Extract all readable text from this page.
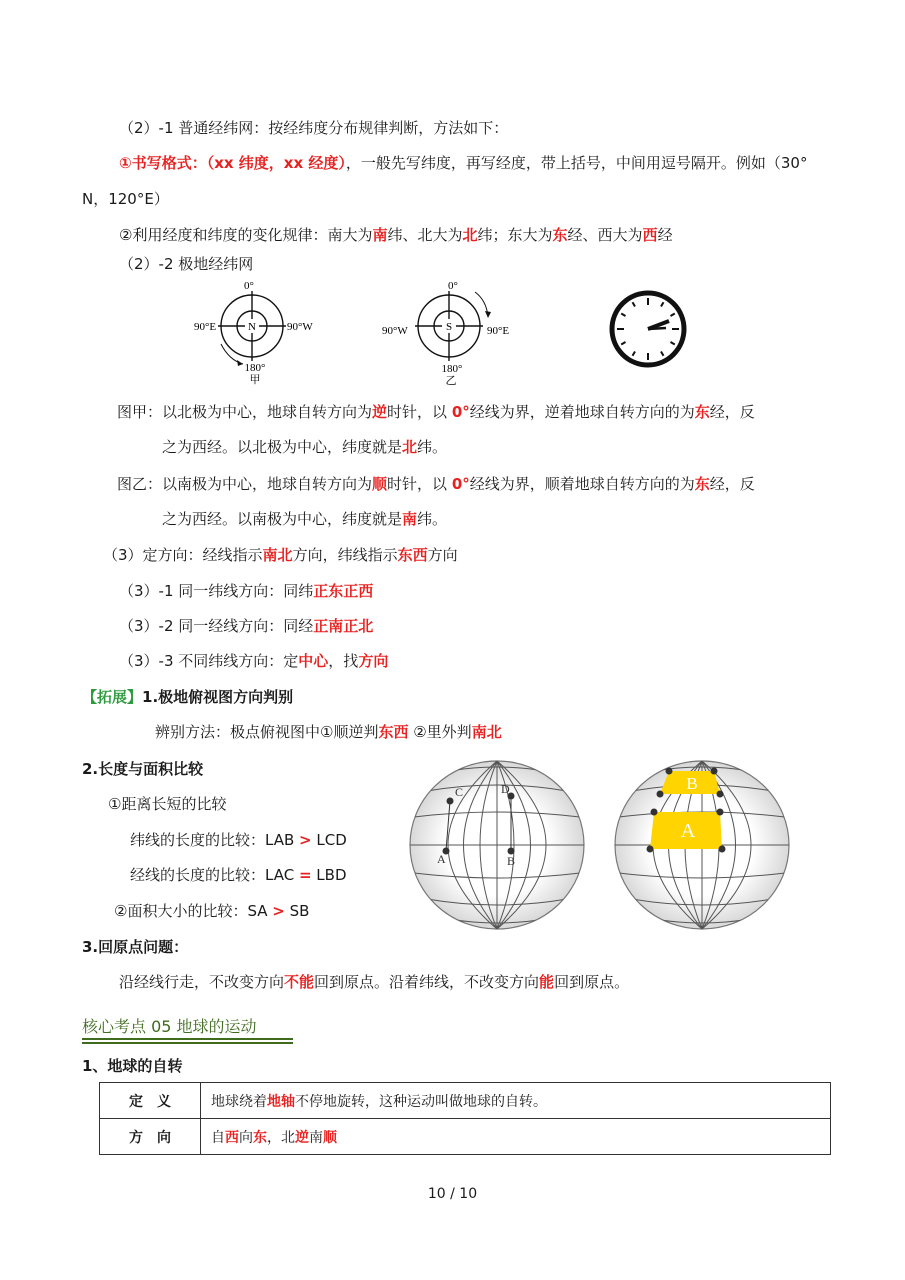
（2）-1 普通经纬网：按经纬度分布规律判断，方法如下：
①书写格式：（xx 纬度，xx 经度），一般先写纬度，再写经度，带上括号，中间用逗号隔开。例如（30°
N，120°E）
②利用经度和纬度的变化规律：南大为南纬、北大为北纬；东大为东经、西大为西经
（2）-2 极地经纬网
0°
N
90°E	90°W
180°
甲
0°
S
90°W	90°E
180°
乙
图甲：以北极为中心，地球自转方向为逆时针，以 0°经线为界，逆着地球自转方向的为东经，反
之为西经。以北极为中心，纬度就是北纬。
图乙：以南极为中心，地球自转方向为顺时针，以 0°经线为界，顺着地球自转方向的为东经，反
之为西经。以南极为中心，纬度就是南纬。
（3）定方向：经线指示南北方向，纬线指示东西方向
（3）-1 同一纬线方向：同纬正东正西
（3）-2 同一经线方向：同经正南正北
（3）-3 不同纬线方向：定中心，找方向
【拓展】1.极地俯视图方向判别
辨别方法：极点俯视图中①顺逆判东西 ②里外判南北
2.长度与面积比较
①距离长短的比较
纬线的长度的比较：LAB > LCD
经线的长度的比较：LAC = LBD
②面积大小的比较：SA > SB
C	D
A	B
B
A
3.回原点问题：
沿经线行走，不改变方向不能回到原点。沿着纬线，不改变方向能回到原点。
核心考点 05 地球的运动
1、地球的自转
定　义	地球绕着地轴不停地旋转，这种运动叫做地球的自转。
方　向	自西向东，北逆南顺
10 / 10
